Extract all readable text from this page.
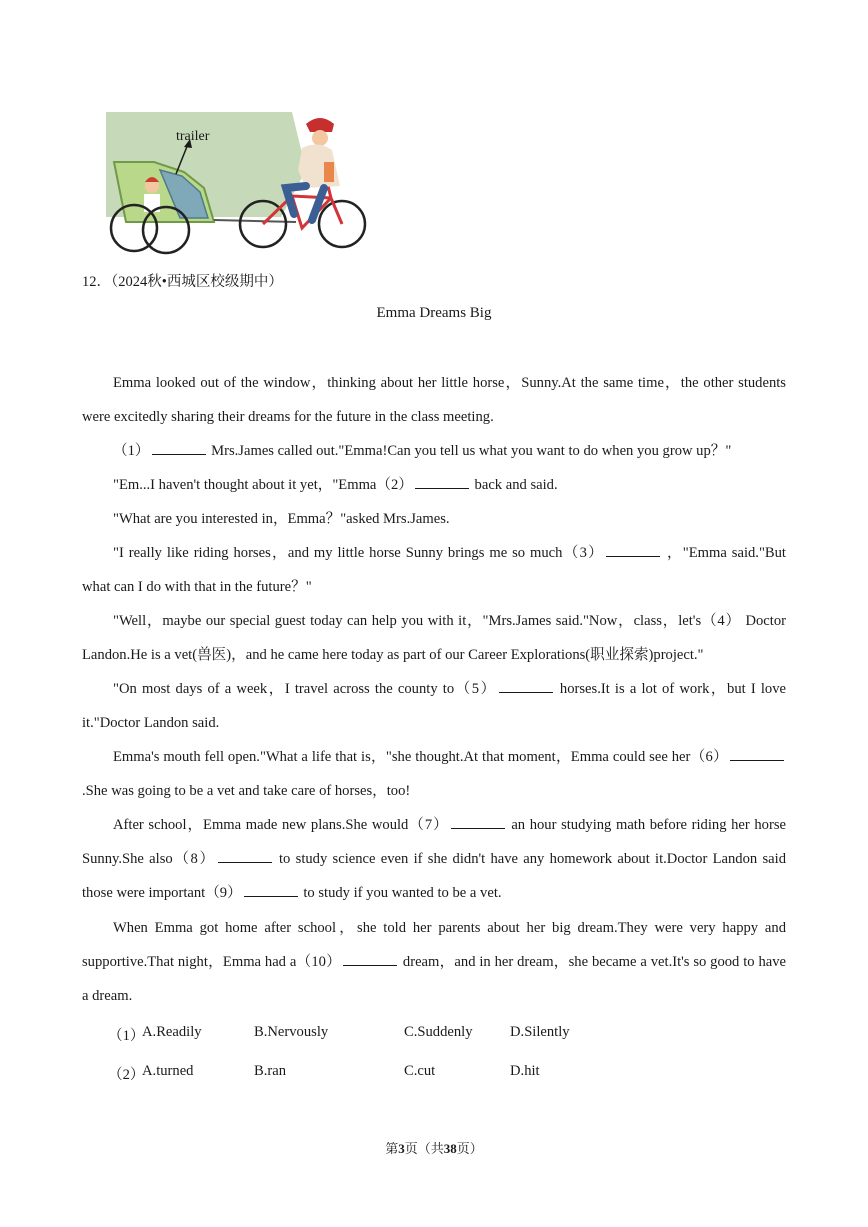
trailer
12．（2024秋•西城区校级期中）
Emma Dreams Big
Emma looked out of the window，thinking about her little horse，Sunny.At the same time，the other students were excitedly sharing their dreams for the future in the class meeting.
（1）	Mrs.James called out."Emma!Can you tell us what you want to do when you grow up？"
"Em...I haven't thought about it yet，"Emma（2）	back and said.
"What are you interested in，Emma？"asked Mrs.James.
"I really like riding horses，and my little horse Sunny brings me so much（3）	，"Emma said."But what can I do with that in the future？"
"Well，maybe our special guest today can help you with it，"Mrs.James said."Now，class，let's（4） Doctor Landon.He is a vet(兽医)，and he came here today as part of our Career Explorations(职业探索)project."
"On most days of a week，I travel across the county to（5）	horses.It is a lot of work，but I love it."Doctor Landon said.
Emma's mouth fell open."What a life that is，"she thought.At that moment，Emma could see her（6） .She was going to be a vet and take care of horses，too!
After school，Emma made new plans.She would（7）	an hour studying math before riding her horse Sunny.She also（8）	to study science even if she didn't have any homework about it.Doctor Landon said those were important（9）	to study if you wanted to be a vet.
When Emma got home after school，she told her parents about her big dream.They were very happy and supportive.That night，Emma had a（10）	dream，and in her dream，she became a vet.It's so good to have a dream.
（1）
A.Readily	B.Nervously	C.Suddenly	D.Silently
（2）
A.turned	B.ran	C.cut	D.hit
第3页（共38页）
